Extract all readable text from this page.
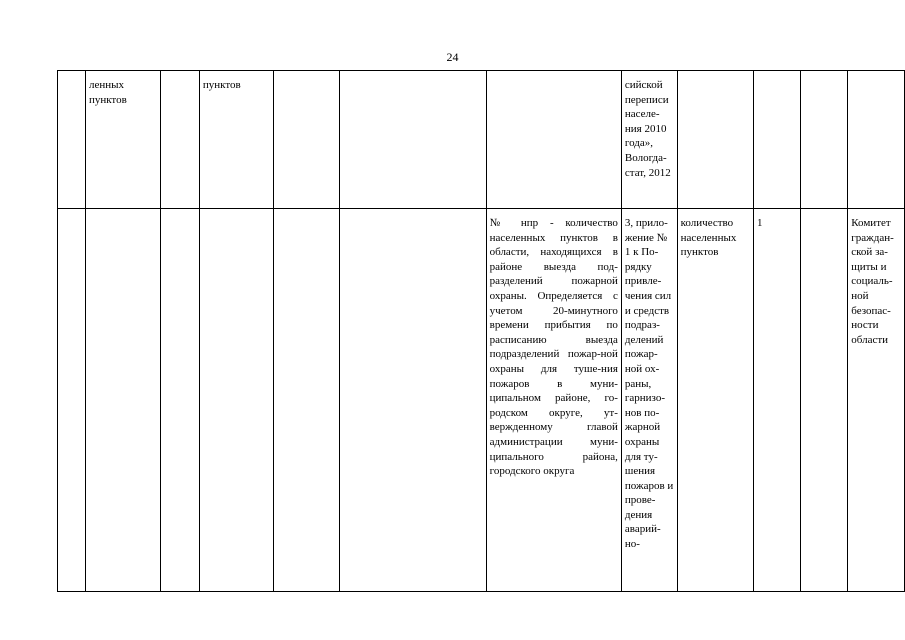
24
	ленных пунктов		пунктов				сийской переписи населе-ния 2010 года», Вологда-стат, 2012				
						№ нпр - количество населенных пунктов в области, находящихся в районе выезда под-разделений пожарной охраны. Определяется с учетом 20-минутного времени прибытия по расписанию выезда подразделений пожар-ной охраны для туше-ния пожаров в муни-ципальном районе, го-родском округе, ут-вержденному главой администрации муни-ципального района, городского округа	3, прило-жение № 1 к По-рядку привле-чения сил и средств подраз-делений пожар-ной ох-раны, гарнизо-нов по-жарной охраны для ту-шения пожаров и прове-дения аварий-но-	количество населенных пунктов	1		Комитет граждан-ской за-щиты и социаль-ной безопас-ности области
